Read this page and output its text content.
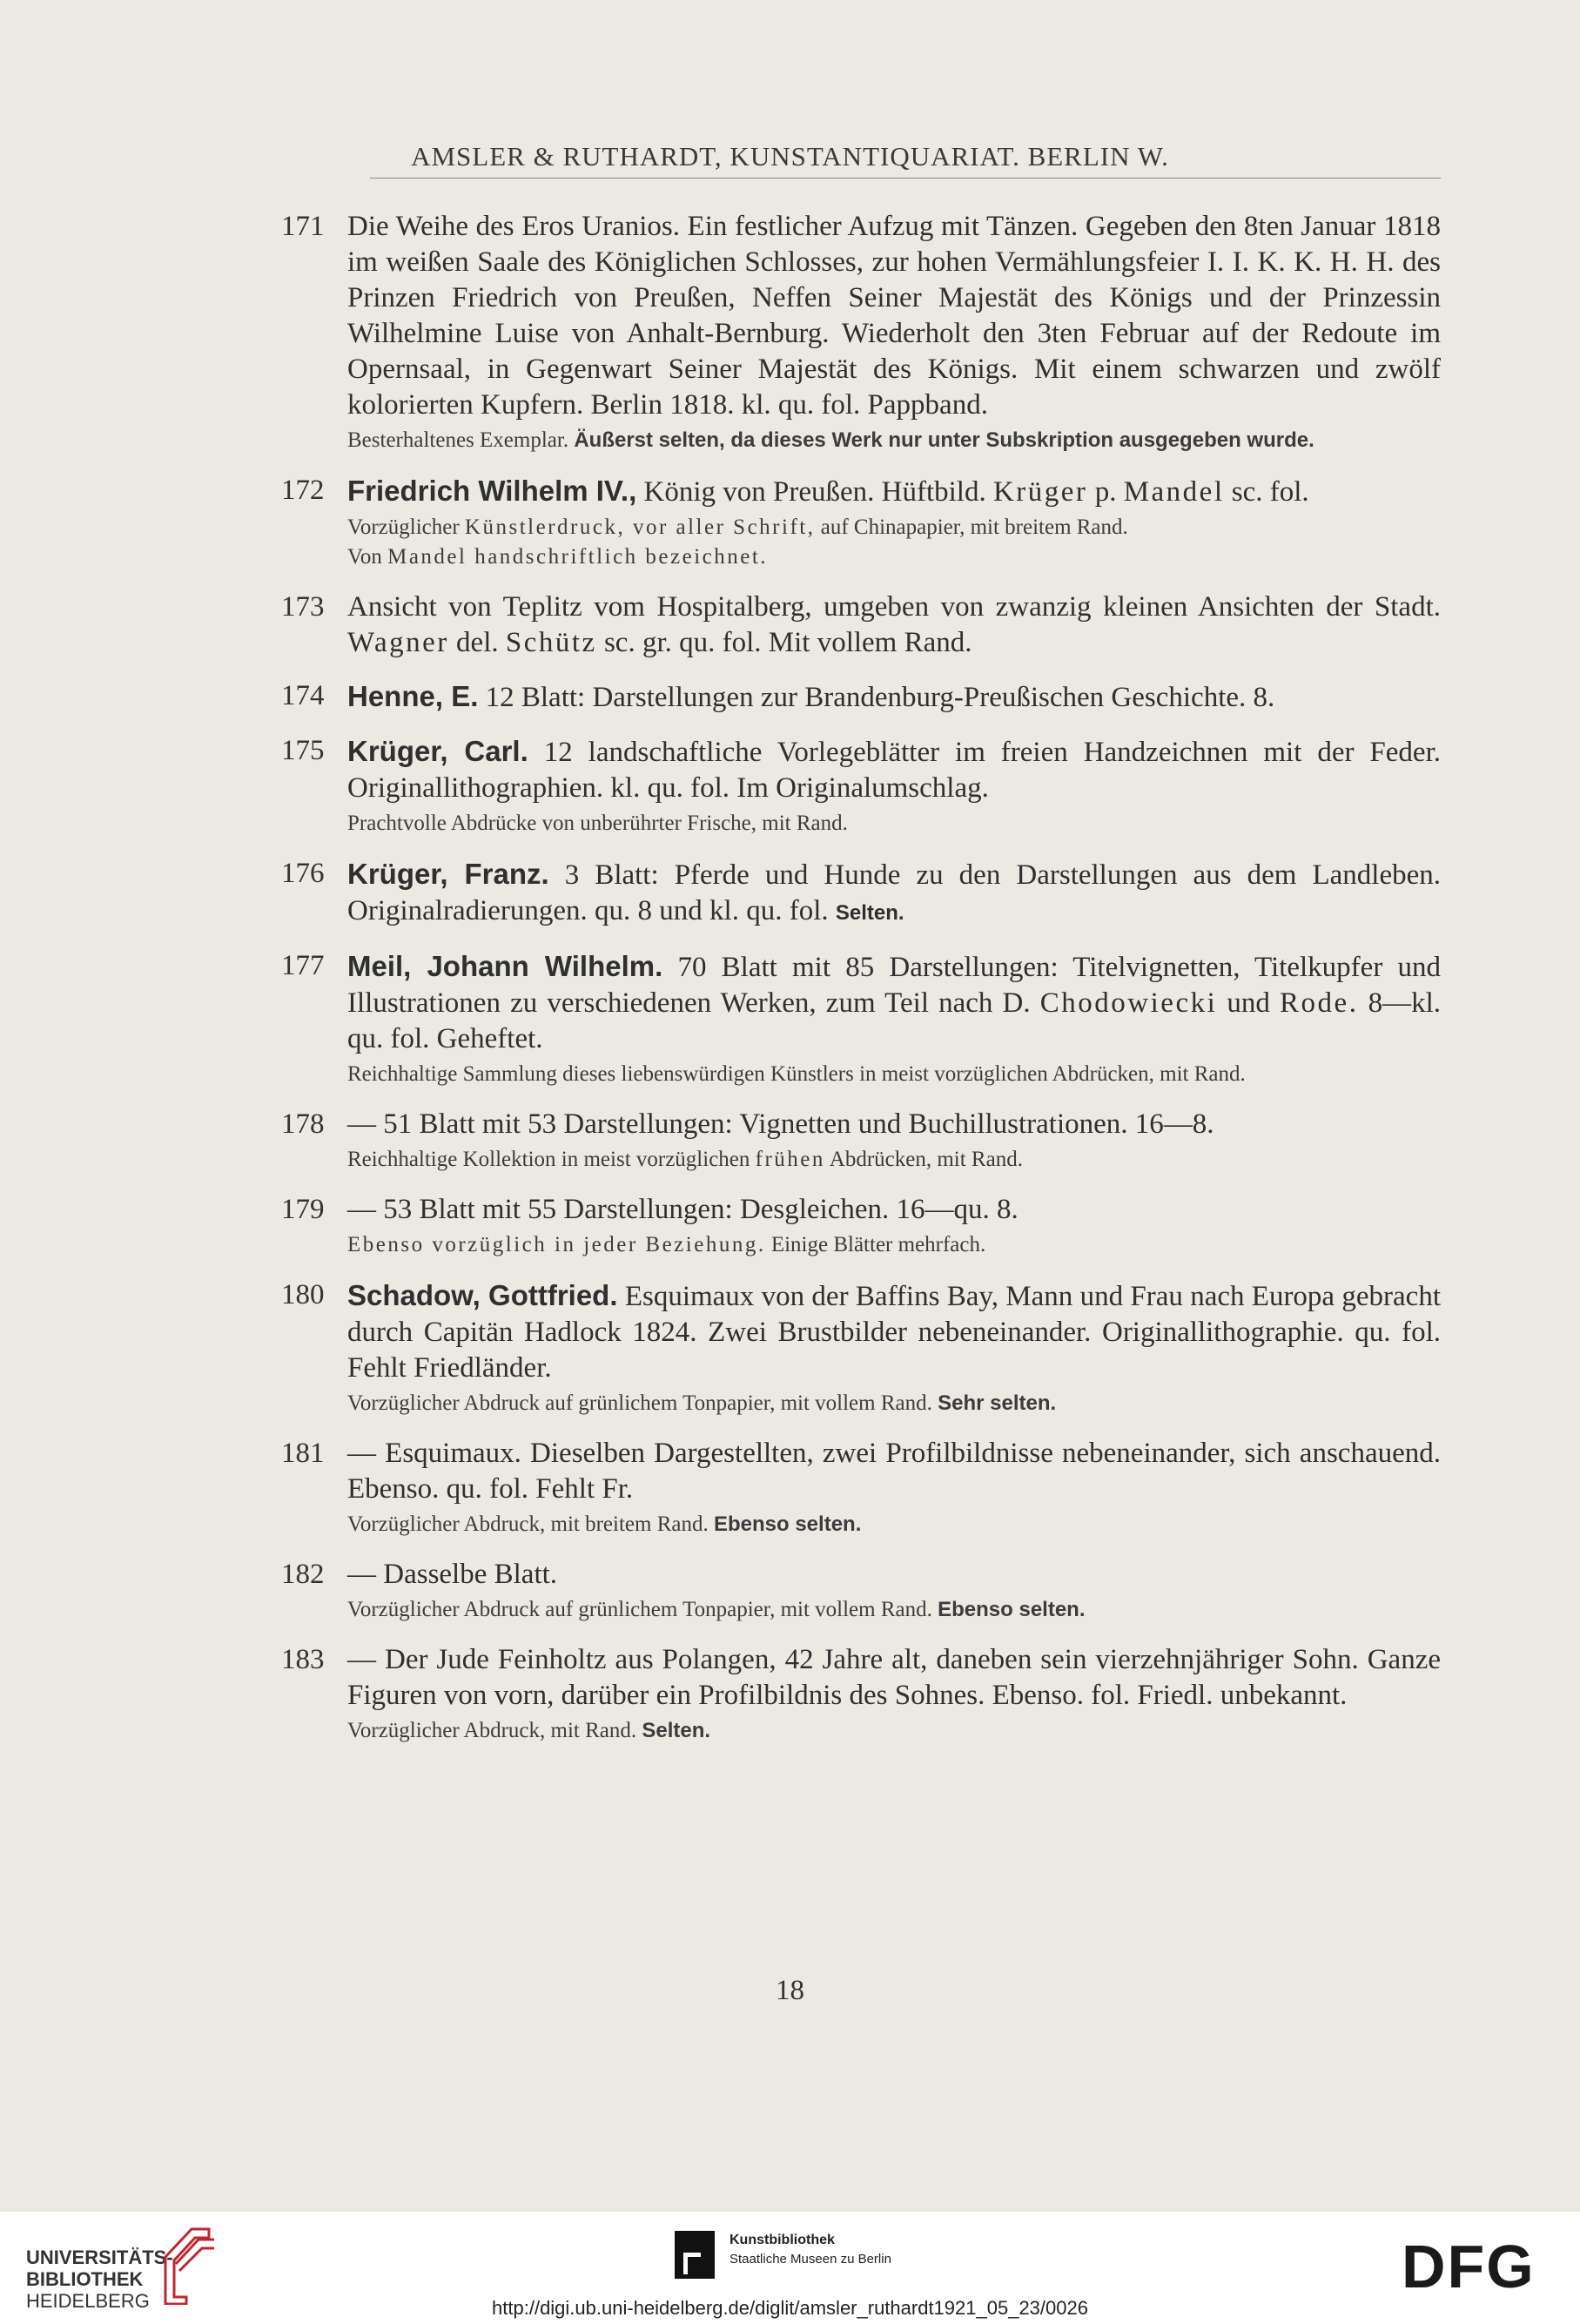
AMSLER & RUTHARDT, KUNSTANTIQUARIAT. BERLIN W.
171 Die Weihe des Eros Uranios. Ein festlicher Aufzug mit Tänzen. Gegeben den 8ten Januar 1818 im weißen Saale des Königlichen Schlosses, zur hohen Vermählungsfeier I. I. K. K. H. H. des Prinzen Friedrich von Preußen, Neffen Seiner Majestät des Königs und der Prinzessin Wilhelmine Luise von Anhalt-Bernburg. Wiederholt den 3ten Februar auf der Redoute im Opernsaal, in Gegenwart Seiner Majestät des Königs. Mit einem schwarzen und zwölf kolorierten Kupfern. Berlin 1818. kl. qu. fol. Pappband.
Besterhaltenes Exemplar. Äußerst selten, da dieses Werk nur unter Subskription ausgegeben wurde.
172 Friedrich Wilhelm IV., König von Preußen. Hüftbild. Krüger p. Mandel sc. fol.
Vorzüglicher Künstlerdruck, vor aller Schrift, auf Chinapapier, mit breitem Rand.
Von Mandel handschriftlich bezeichnet.
173 Ansicht von Teplitz vom Hospitalberg, umgeben von zwanzig kleinen Ansichten der Stadt. Wagner del. Schütz sc. gr. qu. fol. Mit vollem Rand.
174 Henne, E. 12 Blatt: Darstellungen zur Brandenburg-Preußischen Geschichte. 8.
175 Krüger, Carl. 12 landschaftliche Vorlegeblätter im freien Handzeichnen mit der Feder. Originallithographien. kl. qu. fol. Im Originalumschlag.
Prachtvolle Abdrücke von unberührter Frische, mit Rand.
176 Krüger, Franz. 3 Blatt: Pferde und Hunde zu den Darstellungen aus dem Landleben. Originalradierungen. qu. 8 und kl. qu. fol. Selten.
177 Meil, Johann Wilhelm. 70 Blatt mit 85 Darstellungen: Titelvignetten, Titelkupfer und Illustrationen zu verschiedenen Werken, zum Teil nach D. Chodowiecki und Rode. 8—kl. qu. fol. Geheftet.
Reichhaltige Sammlung dieses liebenswürdigen Künstlers in meist vorzüglichen Abdrücken, mit Rand.
178 — 51 Blatt mit 53 Darstellungen: Vignetten und Buchillustrationen. 16—8.
Reichhaltige Kollektion in meist vorzüglichen frühen Abdrücken, mit Rand.
179 — 53 Blatt mit 55 Darstellungen: Desgleichen. 16—qu. 8.
Ebenso vorzüglich in jeder Beziehung. Einige Blätter mehrfach.
180 Schadow, Gottfried. Esquimaux von der Baffins Bay, Mann und Frau nach Europa gebracht durch Capitän Hadlock 1824. Zwei Brustbilder nebeneinander. Originallithographie. qu. fol. Fehlt Friedländer.
Vorzüglicher Abdruck auf grünlichem Tonpapier, mit vollem Rand. Sehr selten.
181 — Esquimaux. Dieselben Dargestellten, zwei Profilbildnisse nebeneinander, sich anschauend. Ebenso. qu. fol. Fehlt Fr.
Vorzüglicher Abdruck, mit breitem Rand. Ebenso selten.
182 — Dasselbe Blatt.
Vorzüglicher Abdruck auf grünlichem Tonpapier, mit vollem Rand. Ebenso selten.
183 — Der Jude Feinholtz aus Polangen, 42 Jahre alt, daneben sein vierzehnjähriger Sohn. Ganze Figuren von vorn, darüber ein Profilbildnis des Sohnes. Ebenso. fol. Friedl. unbekannt.
Vorzüglicher Abdruck, mit Rand. Selten.
18
UNIVERSITÄTS-
BIBLIOTHEK
HEIDELBERG
Kunstbibliothek
Staatliche Museen zu Berlin	DFG
http://digi.ub.uni-heidelberg.de/diglit/amsler_ruthardt1921_05_23/0026
